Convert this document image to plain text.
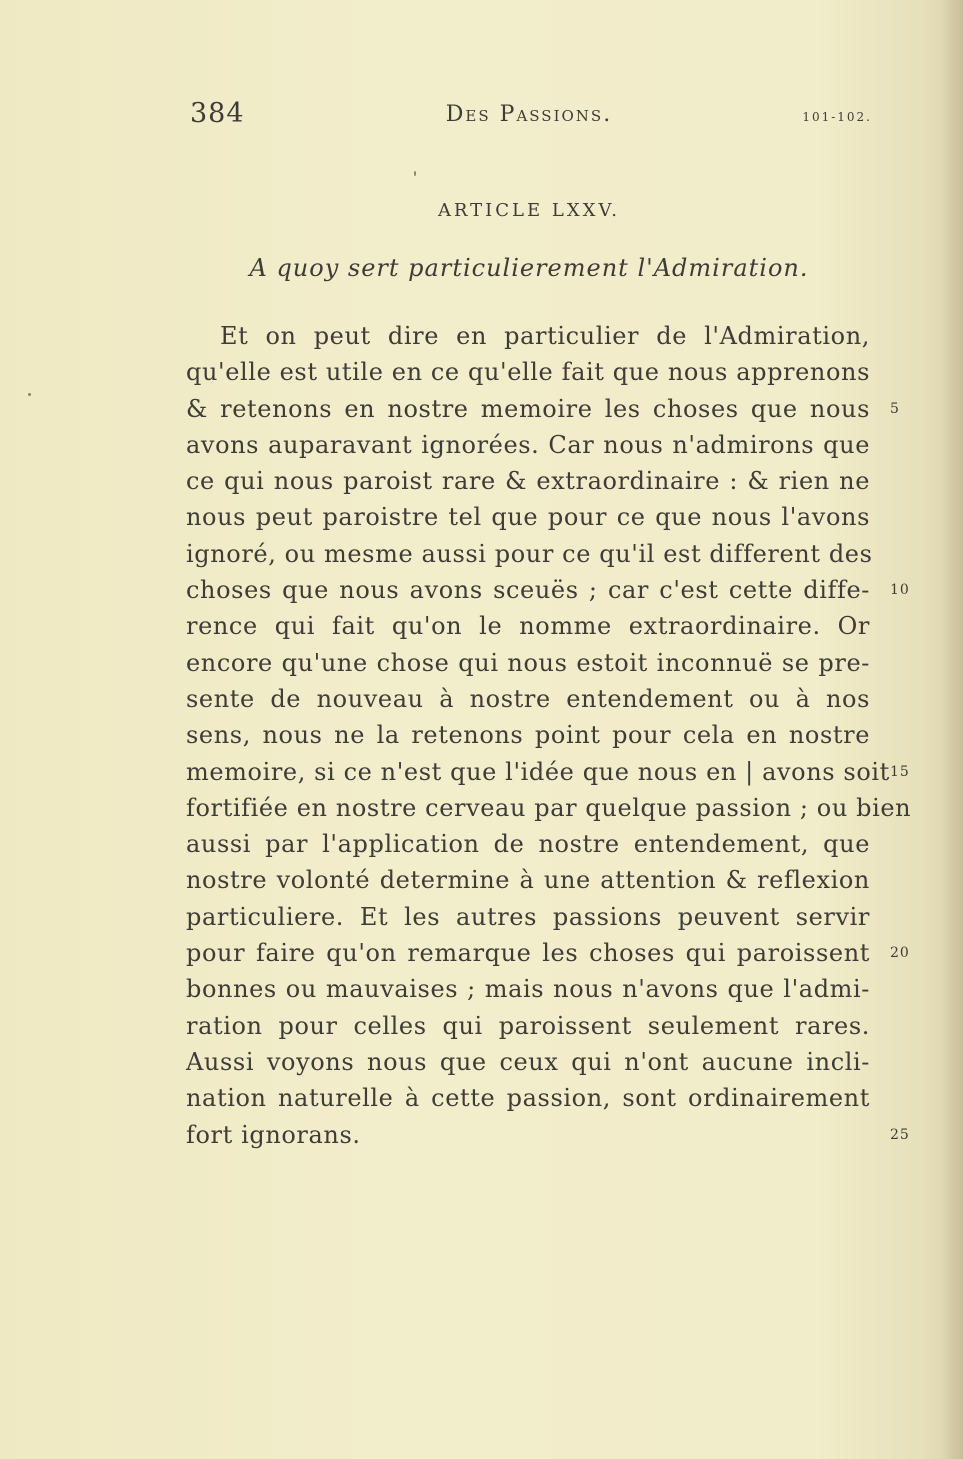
384	Des Passions.	101-102.
ARTICLE LXXV.
A quoy sert particulierement l'Admiration.
Et on peut dire en particulier de l'Admiration,
qu'elle est utile en ce qu'elle fait que nous apprenons
& retenons en nostre memoire les choses que nous
avons auparavant ignorées. Car nous n'admirons que
ce qui nous paroist rare & extraordinaire : & rien ne
nous peut paroistre tel que pour ce que nous l'avons
ignoré, ou mesme aussi pour ce qu'il est different des
choses que nous avons sceuës ; car c'est cette diffe-
rence qui fait qu'on le nomme extraordinaire. Or
encore qu'une chose qui nous estoit inconnuë se pre-
sente de nouveau à nostre entendement ou à nos
sens, nous ne la retenons point pour cela en nostre
memoire, si ce n'est que l'idée que nous en | avons soit
fortifiée en nostre cerveau par quelque passion ; ou bien
aussi par l'application de nostre entendement, que
nostre volonté determine à une attention & reflexion
particuliere. Et les autres passions peuvent servir
pour faire qu'on remarque les choses qui paroissent
bonnes ou mauvaises ; mais nous n'avons que l'admi-
ration pour celles qui paroissent seulement rares.
Aussi voyons nous que ceux qui n'ont aucune incli-
nation naturelle à cette passion, sont ordinairement
fort ignorans.
5
10
15
20
25
